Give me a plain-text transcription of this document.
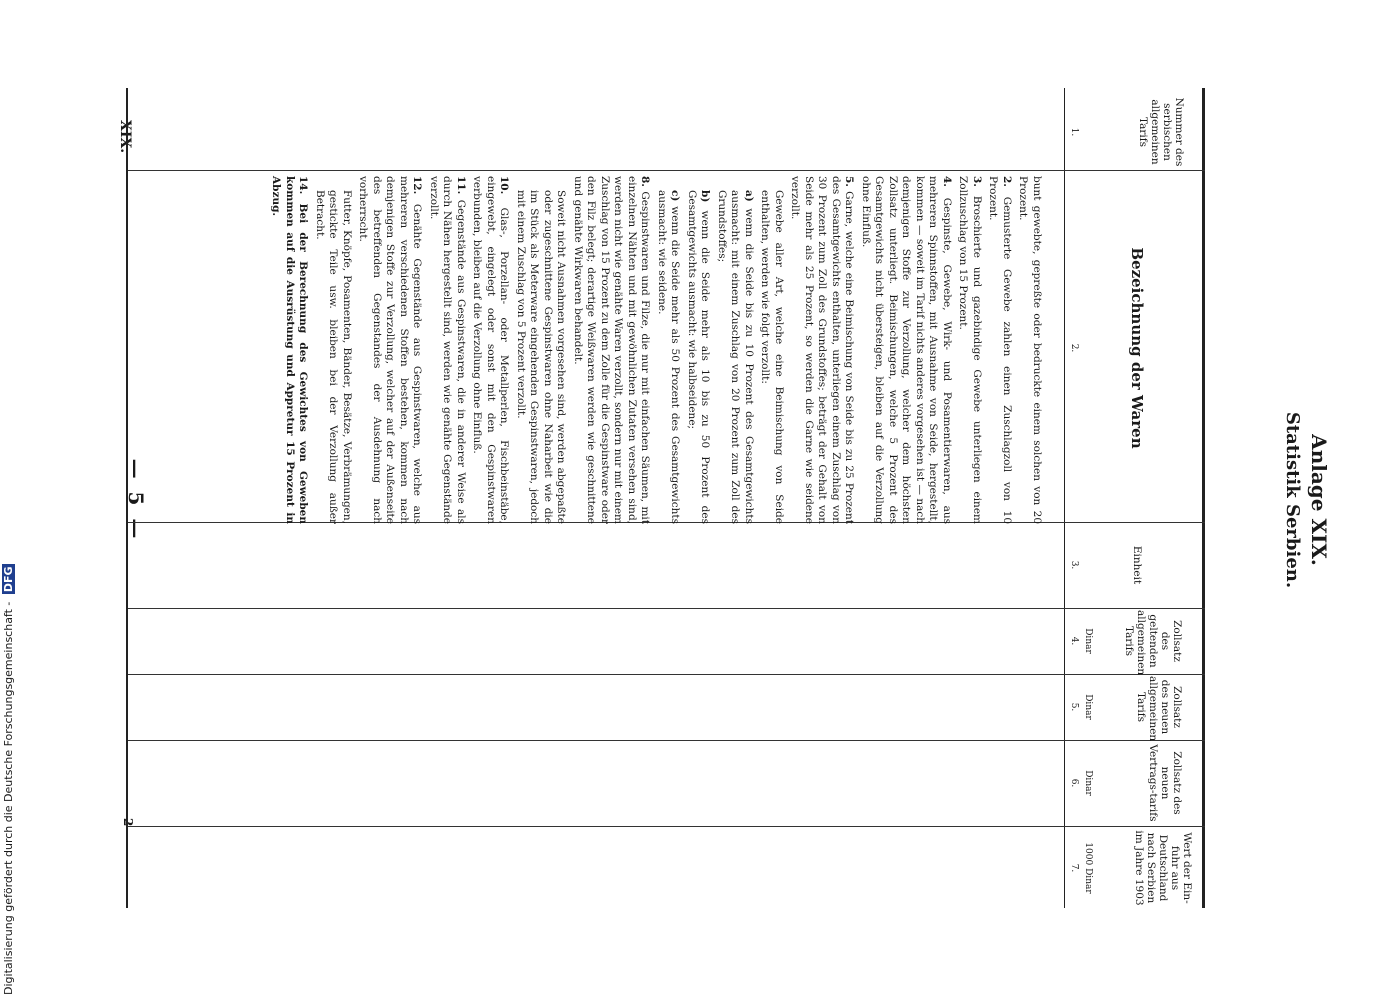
Anlage XIX.
Statistik Serbien.
— 5 —
XIX.
2
Nummer des serbischen allgemeinen Tarifs
Bezeichnung der Waren
Einheit
Zollsatz des geltenden allgemeinen Tarifs
Zollsatz des neuen allgemeinen Tarifs
Zollsatz des neuen Vertrags-tarifs
Wert der Ein-fuhr aus Deutschland nach Serbien im Jahre 1903
Dinar
Dinar
Dinar
1000 Dinar
1.
2.
3.
4.
5.
6.
7.
bunt gewebte, gepreßte oder bedruckte einem solchen von 20 Prozent.
2. Gemusterte Gewebe zahlen einen Zuschlagzoll von 10 Prozent.
3. Broschierte und gazebindige Gewebe unterliegen einem Zollzuschlag von 15 Prozent.
4. Gespinste, Gewebe, Wirk- und Posamentierwaren, aus mehreren Spinnstoffen, mit Ausnahme von Seide, hergestellt, kommen — soweit im Tarif nichts anderes vorgesehen ist — nach demjenigen Stoffe zur Verzollung, welcher dem höchsten Zollsatz unterliegt. Beimischungen, welche 5 Prozent des Gesamtgewichts nicht übersteigen, bleiben auf die Verzollung ohne Einfluß.
5. Garne, welche eine Beimischung von Seide bis zu 25 Prozent des Gesamtgewichts enthalten, unterliegen einem Zuschlag von 30 Prozent zum Zoll des Grundstoffes; beträgt der Gehalt von Seide mehr als 25 Prozent, so werden die Garne wie seidene verzollt.
Gewebe aller Art, welche eine Beimischung von Seide enthalten, werden wie folgt verzollt:
a) wenn die Seide bis zu 10 Prozent des Gesamtgewichts ausmacht: mit einem Zuschlag von 20 Prozent zum Zoll des Grundstoffes;
b) wenn die Seide mehr als 10 bis zu 50 Prozent des Gesamtgewichts ausmacht: wie halbseidene;
c) wenn die Seide mehr als 50 Prozent des Gesamtgewichts ausmacht: wie seidene.
8. Gespinstwaren und Filze, die nur mit einfachen Säumen, mit einzelnen Nähten und mit gewöhnlichen Zutaten versehen sind, werden nicht wie genähte Waren verzollt, sondern nur mit einem Zuschlag von 15 Prozent zu dem Zolle für die Gespinstware oder den Filz belegt; derartige Weißwaren werden wie geschnittene und genähte Wirkwaren behandelt.
Soweit nicht Ausnahmen vorgesehen sind, werden abgepaßte oder zugeschnittene Gespinstwaren ohne Naharbeit wie die im Stück als Meterware eingehenden Gespinstwaren, jedoch mit einem Zuschlag von 5 Prozent verzollt.
10. Glas-, Porzellan- oder Metallperlen, Fischbeinstäbe, eingewebt, eingelegt oder sonst mit den Gespinstwaren verbunden, bleiben auf die Verzollung ohne Einfluß.
11. Gegenstände aus Gespinstwaren, die in anderer Weise als durch Nähen hergestellt sind, werden wie genähte Gegenstände verzollt.
12. Genähte Gegenstände aus Gespinstwaren, welche aus mehreren verschiedenen Stoffen bestehen, kommen nach demjenigen Stoffe zur Verzollung, welcher auf der Außenseite des betreffenden Gegenstandes der Ausdehnung nach vorherrscht.
Futter, Knöpfe, Posamenten, Bänder, Besätze, Verbrämungen, gestickte Teile usw. bleiben bei der Verzollung außer Betracht.
14. Bei der Berechnung des Gewichtes von Geweben kommen auf die Ausrüstung und Appretur 15 Prozent in Abzug.
Digitalisierung gefördert durch die Deutsche Forschungsgemeinschaft - DFG
